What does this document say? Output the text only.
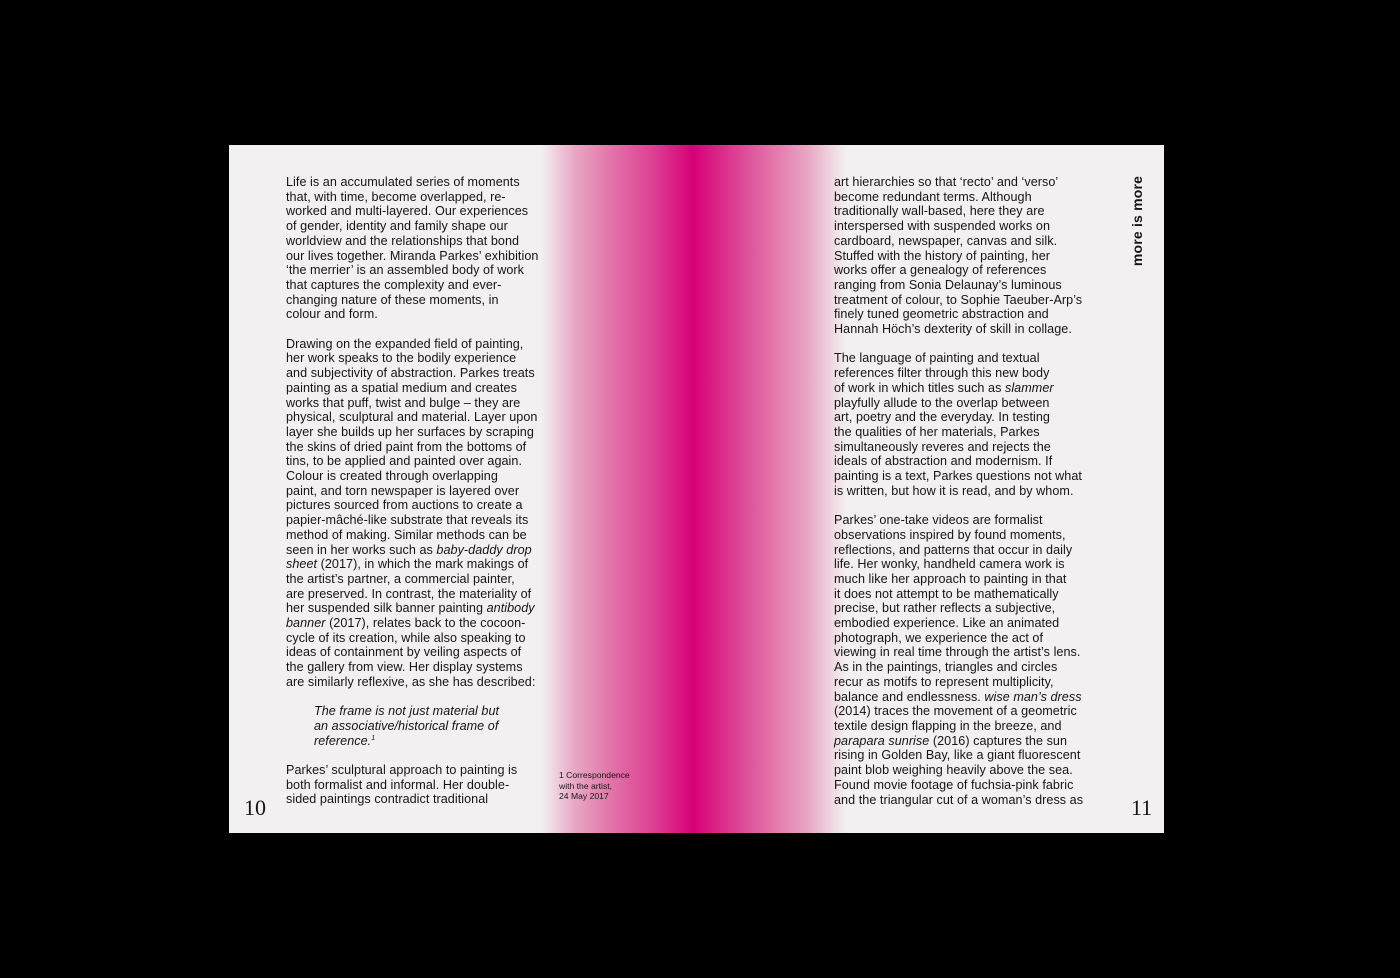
Life is an accumulated series of moments
that, with time, become overlapped, re-
worked and multi-layered. Our experiences
of gender, identity and family shape our
worldview and the relationships that bond
our lives together. Miranda Parkes’ exhibition
‘the merrier’ is an assembled body of work
that captures the complexity and ever-
changing nature of these moments, in
colour and form.

Drawing on the expanded field of painting,
her work speaks to the bodily experience
and subjectivity of abstraction. Parkes treats
painting as a spatial medium and creates
works that puff, twist and bulge – they are
physical, sculptural and material. Layer upon
layer she builds up her surfaces by scraping
the skins of dried paint from the bottoms of
tins, to be applied and painted over again.
Colour is created through overlapping
paint, and torn newspaper is layered over
pictures sourced from auctions to create a
papier-mâché-like substrate that reveals its
method of making. Similar methods can be
seen in her works such as baby-daddy drop
sheet (2017), in which the mark makings of
the artist’s partner, a commercial painter,
are preserved. In contrast, the materiality of
her suspended silk banner painting antibody
banner (2017), relates back to the cocoon-
cycle of its creation, while also speaking to
ideas of containment by veiling aspects of
the gallery from view. Her display systems
are similarly reflexive, as she has described:

The frame is not just material but
an associative/historical frame of
reference.$^1$

Parkes’ sculptural approach to painting is
both formalist and informal. Her double-
sided paintings contradict traditional

1 Correspondence
with the artist,
24 May 2017
10

art hierarchies so that ‘recto’ and ‘verso’
become redundant terms. Although
traditionally wall-based, here they are
interspersed with suspended works on
cardboard, newspaper, canvas and silk.
Stuffed with the history of painting, her
works offer a genealogy of references
ranging from Sonia Delaunay’s luminous
treatment of colour, to Sophie Taeuber-Arp’s
finely tuned geometric abstraction and
Hannah Höch’s dexterity of skill in collage.

The language of painting and textual
references filter through this new body
of work in which titles such as slammer
playfully allude to the overlap between
art, poetry and the everyday. In testing
the qualities of her materials, Parkes
simultaneously reveres and rejects the
ideals of abstraction and modernism. If
painting is a text, Parkes questions not what
is written, but how it is read, and by whom.

Parkes’ one-take videos are formalist
observations inspired by found moments,
reflections, and patterns that occur in daily
life. Her wonky, handheld camera work is
much like her approach to painting in that
it does not attempt to be mathematically
precise, but rather reflects a subjective,
embodied experience. Like an animated
photograph, we experience the act of
viewing in real time through the artist’s lens.
As in the paintings, triangles and circles
recur as motifs to represent multiplicity,
balance and endlessness. wise man’s dress
(2014) traces the movement of a geometric
textile design flapping in the breeze, and
parapara sunrise (2016) captures the sun
rising in Golden Bay, like a giant fluorescent
paint blob weighing heavily above the sea.
Found movie footage of fuchsia-pink fabric
and the triangular cut of a woman’s dress as

more is more
11
